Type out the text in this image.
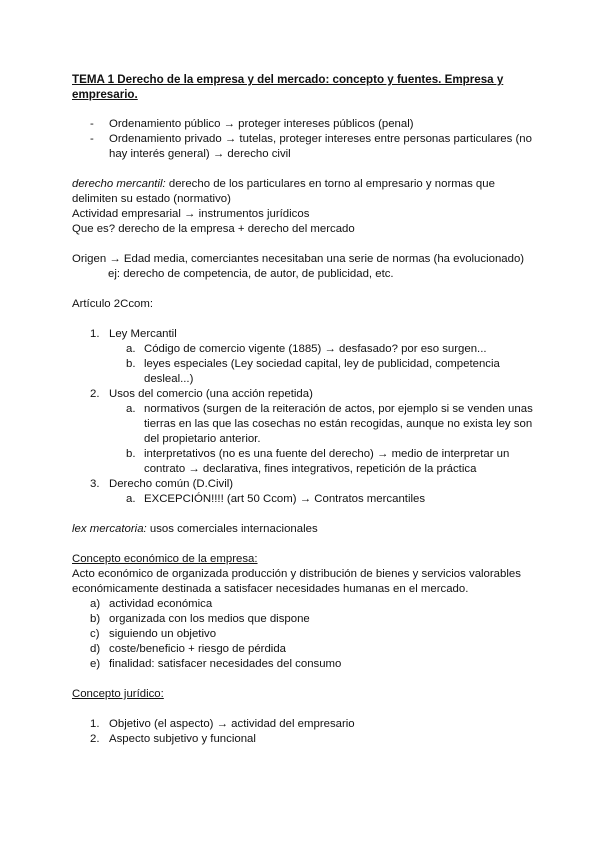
TEMA 1 Derecho de la empresa y del mercado: concepto y fuentes. Empresa y empresario.

-	Ordenamiento público → proteger intereses públicos (penal)
-	Ordenamiento privado → tutelas, proteger intereses entre personas particulares (no hay interés general) → derecho civil

derecho mercantil: derecho de los particulares en torno al empresario y normas que delimiten su estado (normativo)

Actividad empresarial → instrumentos jurídicos

Que es? derecho de la empresa + derecho del mercado

Origen → Edad media, comerciantes necesitaban una serie de normas (ha evolucionado)

ej: derecho de competencia, de autor, de publicidad, etc.

Artículo 2Ccom:

1. Ley Mercantil
a. Código de comercio vigente (1885) → desfasado? por eso surgen...
b. leyes especiales (Ley sociedad capital, ley de publicidad, competencia desleal...)
2. Usos del comercio (una acción repetida)
a. normativos (surgen de la reiteración de actos, por ejemplo si se venden unas tierras en las que las cosechas no están recogidas, aunque no exista ley son del propietario anterior.
b. interpretativos (no es una fuente del derecho) → medio de interpretar un contrato → declarativa, fines integrativos, repetición de la práctica
3. Derecho común (D.Civil)
a. EXCEPCIÓN!!!! (art 50 Ccom) → Contratos mercantiles

lex mercatoria: usos comerciales internacionales

Concepto económico de la empresa:

Acto económico de organizada producción y distribución de bienes y servicios valorables económicamente destinada a satisfacer necesidades humanas en el mercado.

a) actividad económica
b) organizada con los medios que dispone
c) siguiendo un objetivo
d) coste/beneficio + riesgo de pérdida
e) finalidad: satisfacer necesidades del consumo

Concepto jurídico:

1. Objetivo (el aspecto) → actividad del empresario
2. Aspecto subjetivo y funcional
